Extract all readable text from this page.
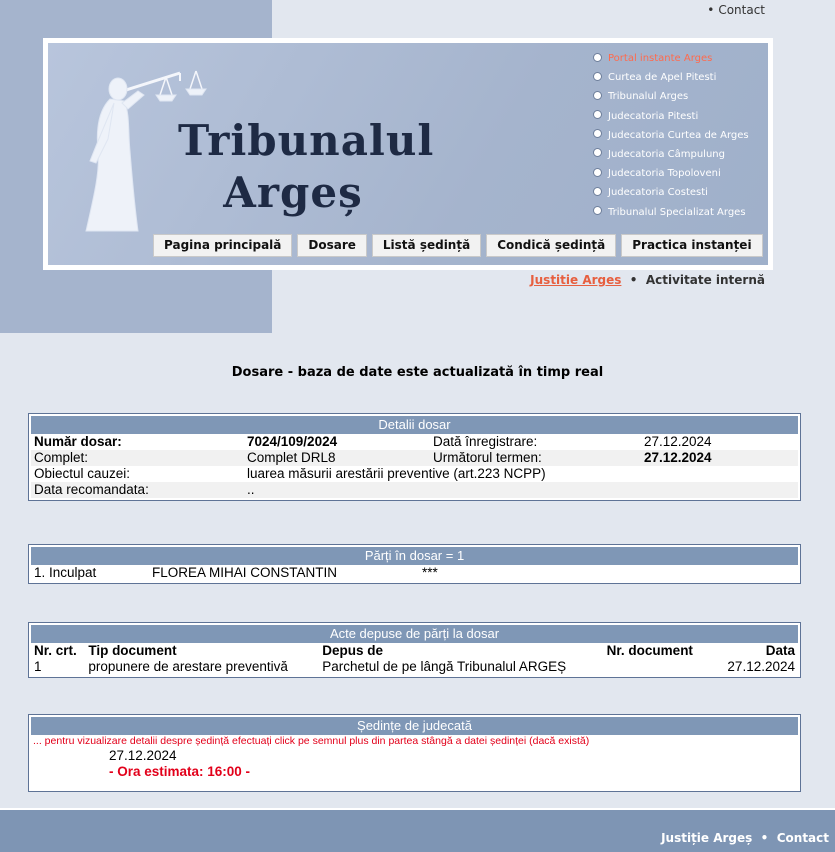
• Contact
Tribunalul
Argeș
Portal instante Arges
Curtea de Apel Pitesti
Tribunalul Arges
Judecatoria Pitesti
Judecatoria Curtea de Arges
Judecatoria Câmpulung
Judecatoria Topoloveni
Judecatoria Costesti
Tribunalul Specializat Arges
Pagina principală	Dosare	Listă ședință	Condică ședință	Practica instanței
Justitie Arges  •  Activitate internă
Dosare - baza de date este actualizată în timp real
Detalii dosar
Număr dosar:	7024/109/2024	Dată înregistrare:	27.12.2024
Complet:	Complet DRL8	Următorul termen:	27.12.2024
Obiectul cauzei:	luarea măsurii arestării preventive (art.223 NCPP)		
Data recomandata:	..		
Părți în dosar = 1
1. Inculpat	FLOREA MIHAI CONSTANTIN	***
Acte depuse de părți la dosar
Nr. crt.	Tip document	Depus de	Nr. document	Data
1	propunere de arestare preventivă	Parchetul de pe lângă Tribunalul ARGEȘ		27.12.2024
Ședințe de judecată
... pentru vizualizare detalii despre ședință efectuați click pe semnul plus din partea stângă a datei ședinței (dacă există)
27.12.2024
- Ora estimata: 16:00 -
Justiție Argeș  •  Contact
